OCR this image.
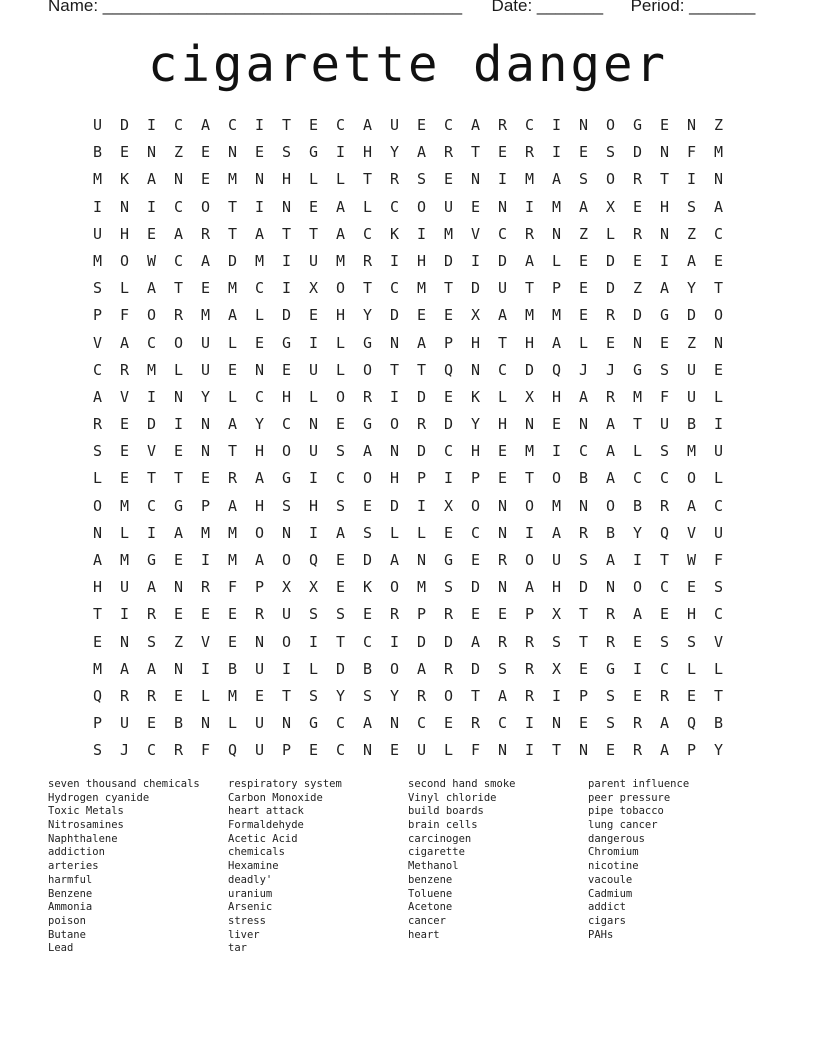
Name: ______________________________________ Date: _______ Period: _______
cigarette danger
U	D	I	C	A	C	I	T	E	C	A	U	E	C	A	R	C	I	N	O	G	E	N	Z
B	E	N	Z	E	N	E	S	G	I	H	Y	A	R	T	E	R	I	E	S	D	N	F	M
M	K	A	N	E	M	N	H	L	L	T	R	S	E	N	I	M	A	S	O	R	T	I	N
I	N	I	C	O	T	I	N	E	A	L	C	O	U	E	N	I	M	A	X	E	H	S	A
U	H	E	A	R	T	A	T	T	A	C	K	I	M	V	C	R	N	Z	L	R	N	Z	C
M	O	W	C	A	D	M	I	U	M	R	I	H	D	I	D	A	L	E	D	E	I	A	E
S	L	A	T	E	M	C	I	X	O	T	C	M	T	D	U	T	P	E	D	Z	A	Y	T
P	F	O	R	M	A	L	D	E	H	Y	D	E	E	X	A	M	M	E	R	D	G	D	O
V	A	C	O	U	L	E	G	I	L	G	N	A	P	H	T	H	A	L	E	N	E	Z	N
C	R	M	L	U	E	N	E	U	L	O	T	T	Q	N	C	D	Q	J	J	G	S	U	E
A	V	I	N	Y	L	C	H	L	O	R	I	D	E	K	L	X	H	A	R	M	F	U	L
R	E	D	I	N	A	Y	C	N	E	G	O	R	D	Y	H	N	E	N	A	T	U	B	I
S	E	V	E	N	T	H	O	U	S	A	N	D	C	H	E	M	I	C	A	L	S	M	U
L	E	T	T	E	R	A	G	I	C	O	H	P	I	P	E	T	O	B	A	C	C	O	L
O	M	C	G	P	A	H	S	H	S	E	D	I	X	O	N	O	M	N	O	B	R	A	C
N	L	I	A	M	M	O	N	I	A	S	L	L	E	C	N	I	A	R	B	Y	Q	V	U
A	M	G	E	I	M	A	O	Q	E	D	A	N	G	E	R	O	U	S	A	I	T	W	F
H	U	A	N	R	F	P	X	X	E	K	O	M	S	D	N	A	H	D	N	O	C	E	S
T	I	R	E	E	E	R	U	S	S	E	R	P	R	E	E	P	X	T	R	A	E	H	C
E	N	S	Z	V	E	N	O	I	T	C	I	D	D	A	R	R	S	T	R	E	S	S	V
M	A	A	N	I	B	U	I	L	D	B	O	A	R	D	S	R	X	E	G	I	C	L	L
Q	R	R	E	L	M	E	T	S	Y	S	Y	R	O	T	A	R	I	P	S	E	R	E	T
P	U	E	B	N	L	U	N	G	C	A	N	C	E	R	C	I	N	E	S	R	A	Q	B
S	J	C	R	F	Q	U	P	E	C	N	E	U	L	F	N	I	T	N	E	R	A	P	Y
seven thousand chemicals
Hydrogen cyanide
Toxic Metals
Nitrosamines
Naphthalene
addiction
arteries
harmful
Benzene
Ammonia
poison
Butane
Lead
respiratory system
Carbon Monoxide
heart attack
Formaldehyde
Acetic Acid
chemicals
Hexamine
deadly'
uranium
Arsenic
stress
liver
tar
second hand smoke
Vinyl chloride
build boards
brain cells
carcinogen
cigarette
Methanol
benzene
Toluene
Acetone
cancer
heart
parent influence
peer pressure
pipe tobacco
lung cancer
dangerous
Chromium
nicotine
vacoule
Cadmium
addict
cigars
PAHs
